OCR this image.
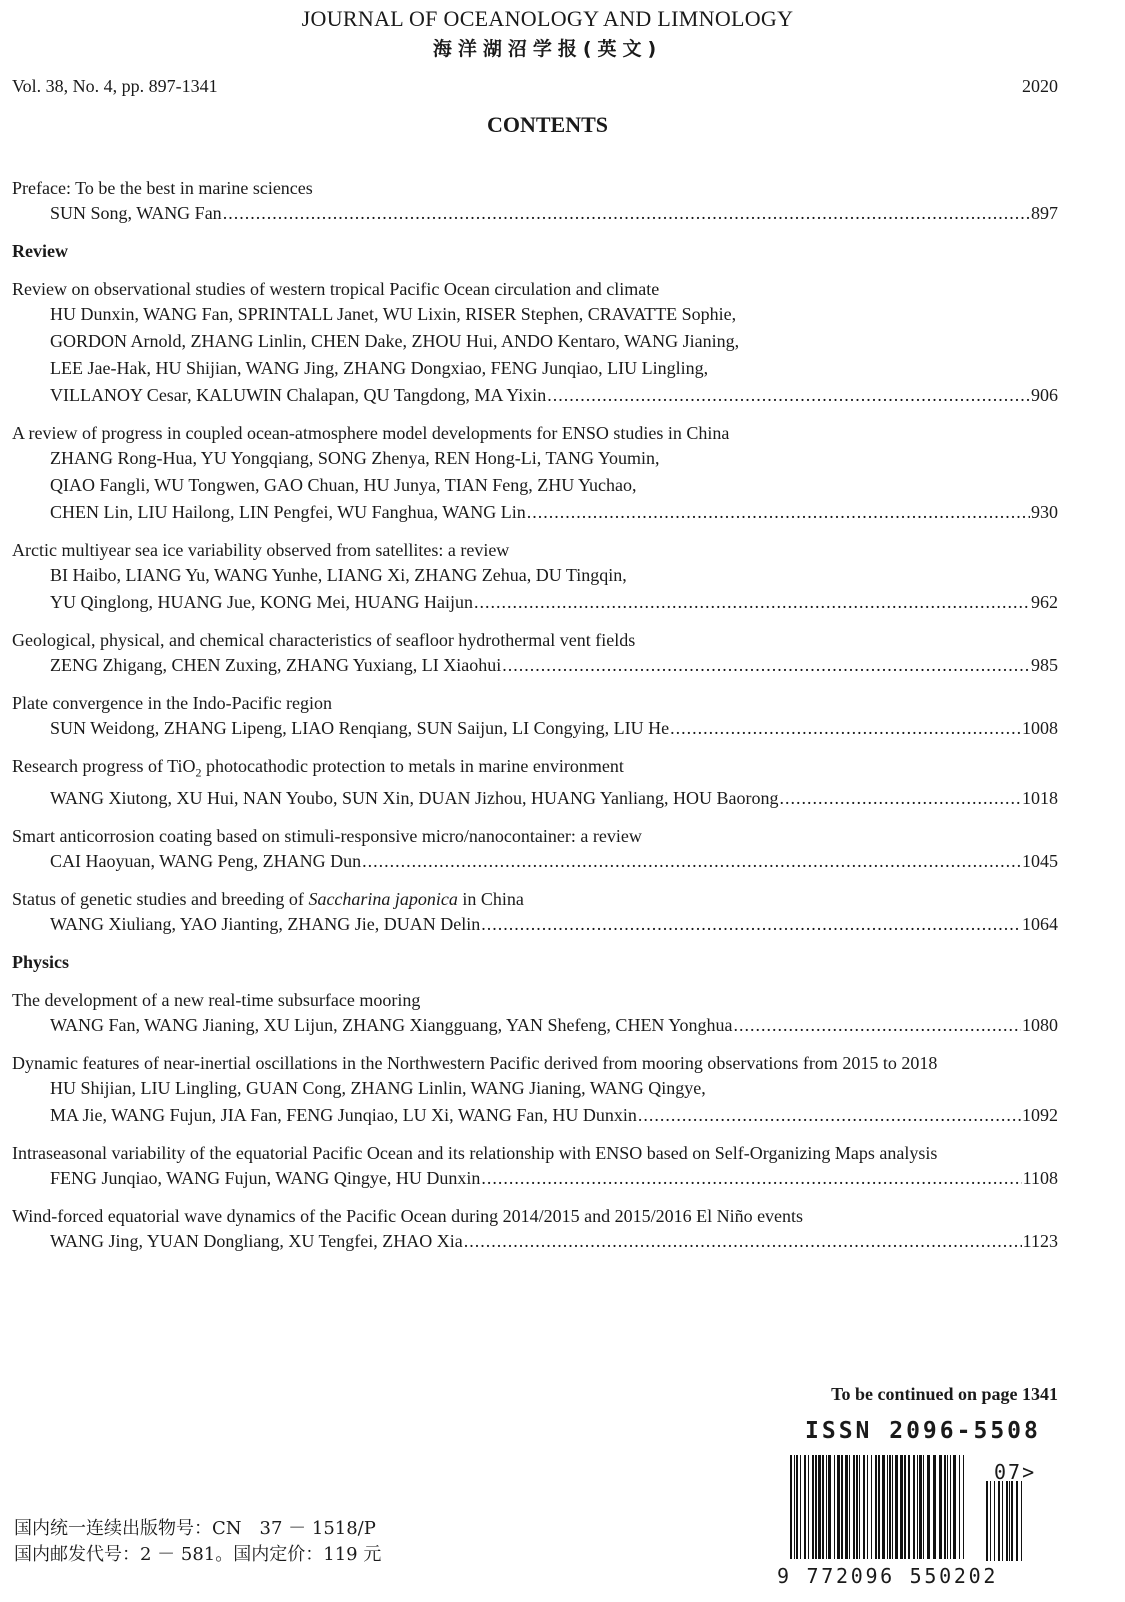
JOURNAL OF OCEANOLOGY AND LIMNOLOGY
海洋湖沼学报(英文)
Vol. 38, No. 4, pp. 897-1341	2020
CONTENTS
Preface: To be the best in marine sciences
SUN Song, WANG Fan .....	897
Review
Review on observational studies of western tropical Pacific Ocean circulation and climate
HU Dunxin, WANG Fan, SPRINTALL Janet, WU Lixin, RISER Stephen, CRAVATTE Sophie,
GORDON Arnold, ZHANG Linlin, CHEN Dake, ZHOU Hui, ANDO Kentaro, WANG Jianing,
LEE Jae-Hak, HU Shijian, WANG Jing, ZHANG Dongxiao, FENG Junqiao, LIU Lingling,
VILLANOY Cesar, KALUWIN Chalapan, QU Tangdong, MA Yixin .....	906
A review of progress in coupled ocean-atmosphere model developments for ENSO studies in China
ZHANG Rong-Hua, YU Yongqiang, SONG Zhenya, REN Hong-Li, TANG Youmin,
QIAO Fangli, WU Tongwen, GAO Chuan, HU Junya, TIAN Feng, ZHU Yuchao,
CHEN Lin, LIU Hailong, LIN Pengfei, WU Fanghua, WANG Lin .....	930
Arctic multiyear sea ice variability observed from satellites: a review
BI Haibo, LIANG Yu, WANG Yunhe, LIANG Xi, ZHANG Zehua, DU Tingqin,
YU Qinglong, HUANG Jue, KONG Mei, HUANG Haijun .....	962
Geological, physical, and chemical characteristics of seafloor hydrothermal vent fields
ZENG Zhigang, CHEN Zuxing, ZHANG Yuxiang, LI Xiaohui .....	985
Plate convergence in the Indo-Pacific region
SUN Weidong, ZHANG Lipeng, LIAO Renqiang, SUN Saijun, LI Congying, LIU He .....	1008
Research progress of TiO$_2$ photocathodic protection to metals in marine environment
WANG Xiutong, XU Hui, NAN Youbo, SUN Xin, DUAN Jizhou, HUANG Yanliang, HOU Baorong .....	1018
Smart anticorrosion coating based on stimuli-responsive micro/nanocontainer: a review
CAI Haoyuan, WANG Peng, ZHANG Dun .....	1045
Status of genetic studies and breeding of Saccharina japonica in China
WANG Xiuliang, YAO Jianting, ZHANG Jie, DUAN Delin .....	1064
Physics
The development of a new real-time subsurface mooring
WANG Fan, WANG Jianing, XU Lijun, ZHANG Xiangguang, YAN Shefeng, CHEN Yonghua .....	1080
Dynamic features of near-inertial oscillations in the Northwestern Pacific derived from mooring observations from 2015 to 2018
HU Shijian, LIU Lingling, GUAN Cong, ZHANG Linlin, WANG Jianing, WANG Qingye,
MA Jie, WANG Fujun, JIA Fan, FENG Junqiao, LU Xi, WANG Fan, HU Dunxin .....	1092
Intraseasonal variability of the equatorial Pacific Ocean and its relationship with ENSO based on Self-Organizing Maps analysis
FENG Junqiao, WANG Fujun, WANG Qingye, HU Dunxin .....	1108
Wind-forced equatorial wave dynamics of the Pacific Ocean during 2014/2015 and 2015/2016 El Niño events
WANG Jing, YUAN Dongliang, XU Tengfei, ZHAO Xia .....	1123
To be continued on page 1341
ISSN 2096-5508
07>
9 772096 550202
国内统一连续出版物号：CN　37 － 1518/P
国内邮发代号：2 － 581。国内定价：119 元
